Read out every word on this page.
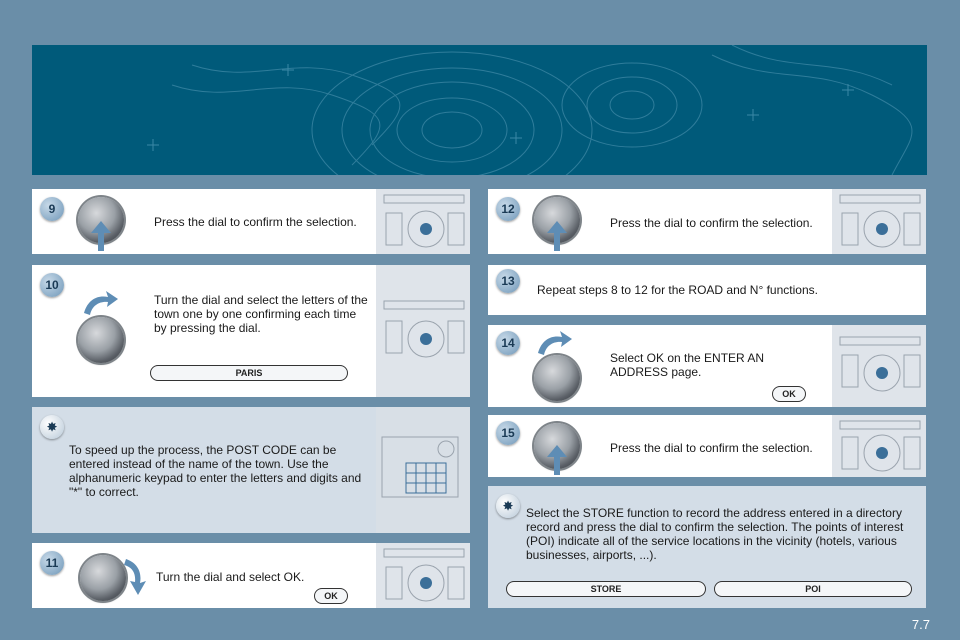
9
Press the dial to confirm the selection.
10
Turn the dial and select the letters of the town one by one confirming each time by pressing the dial.
PARIS
✸
To speed up the process, the POST CODE can be entered instead of the name of the town. Use the alphanumeric keypad to enter the letters and digits and "*" to correct.
11
Turn the dial and select OK.
OK
12
Press the dial to confirm the selection.
13
Repeat steps 8 to 12 for the ROAD and N° functions.
14
Select OK on the ENTER AN ADDRESS page.
OK
15
Press the dial to confirm the selection.
✸	Select the STORE function to record the address entered in a directory record and press the dial to confirm the selection. The points of interest (POI) indicate all of the service locations in the vicinity (hotels, various businesses, airports, ...).
STORE	POI
7.7
